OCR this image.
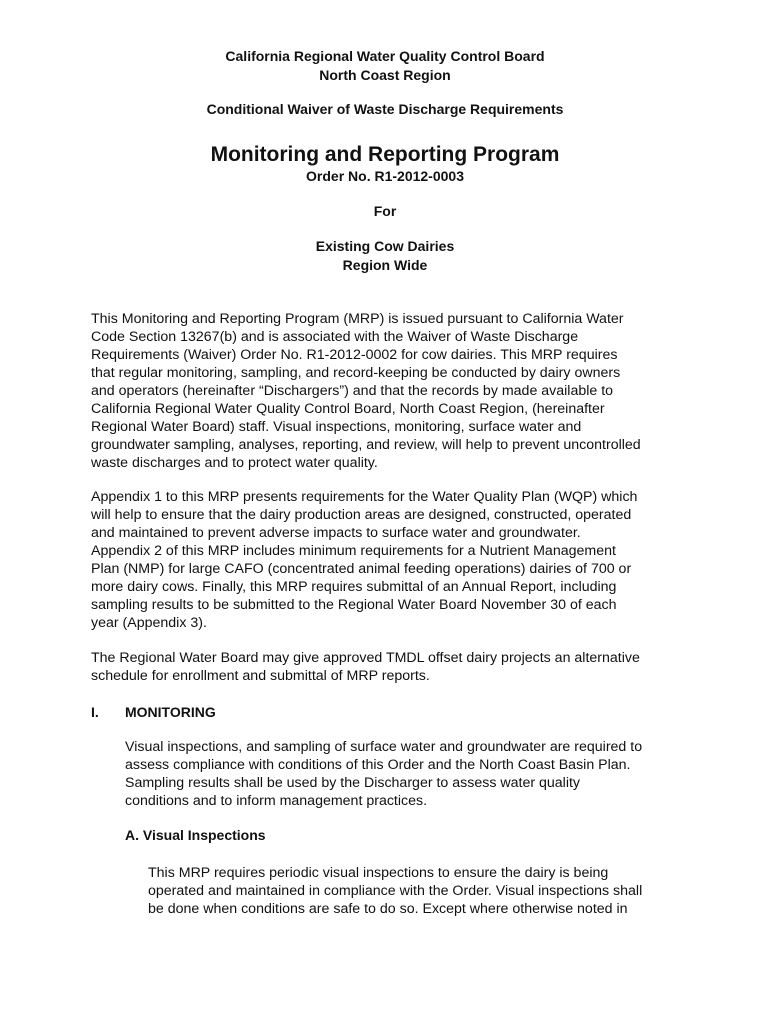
California Regional Water Quality Control Board
North Coast Region
Conditional Waiver of Waste Discharge Requirements
Monitoring and Reporting Program
Order No. R1-2012-0003
For
Existing Cow Dairies
Region Wide

This Monitoring and Reporting Program (MRP) is issued pursuant to California Water
Code Section 13267(b) and is associated with the Waiver of Waste Discharge
Requirements (Waiver) Order No. R1-2012-0002 for cow dairies. This MRP requires
that regular monitoring, sampling, and record-keeping be conducted by dairy owners
and operators (hereinafter “Dischargers”) and that the records by made available to
California Regional Water Quality Control Board, North Coast Region, (hereinafter
Regional Water Board) staff. Visual inspections, monitoring, surface water and
groundwater sampling, analyses, reporting, and review, will help to prevent uncontrolled
waste discharges and to protect water quality.

Appendix 1 to this MRP presents requirements for the Water Quality Plan (WQP) which
will help to ensure that the dairy production areas are designed, constructed, operated
and maintained to prevent adverse impacts to surface water and groundwater.
Appendix 2 of this MRP includes minimum requirements for a Nutrient Management
Plan (NMP) for large CAFO (concentrated animal feeding operations) dairies of 700 or
more dairy cows. Finally, this MRP requires submittal of an Annual Report, including
sampling results to be submitted to the Regional Water Board November 30 of each
year (Appendix 3).

The Regional Water Board may give approved TMDL offset dairy projects an alternative
schedule for enrollment and submittal of MRP reports.

I. MONITORING

Visual inspections, and sampling of surface water and groundwater are required to
assess compliance with conditions of this Order and the North Coast Basin Plan.
Sampling results shall be used by the Discharger to assess water quality
conditions and to inform management practices.

A. Visual Inspections

This MRP requires periodic visual inspections to ensure the dairy is being
operated and maintained in compliance with the Order. Visual inspections shall
be done when conditions are safe to do so. Except where otherwise noted in
